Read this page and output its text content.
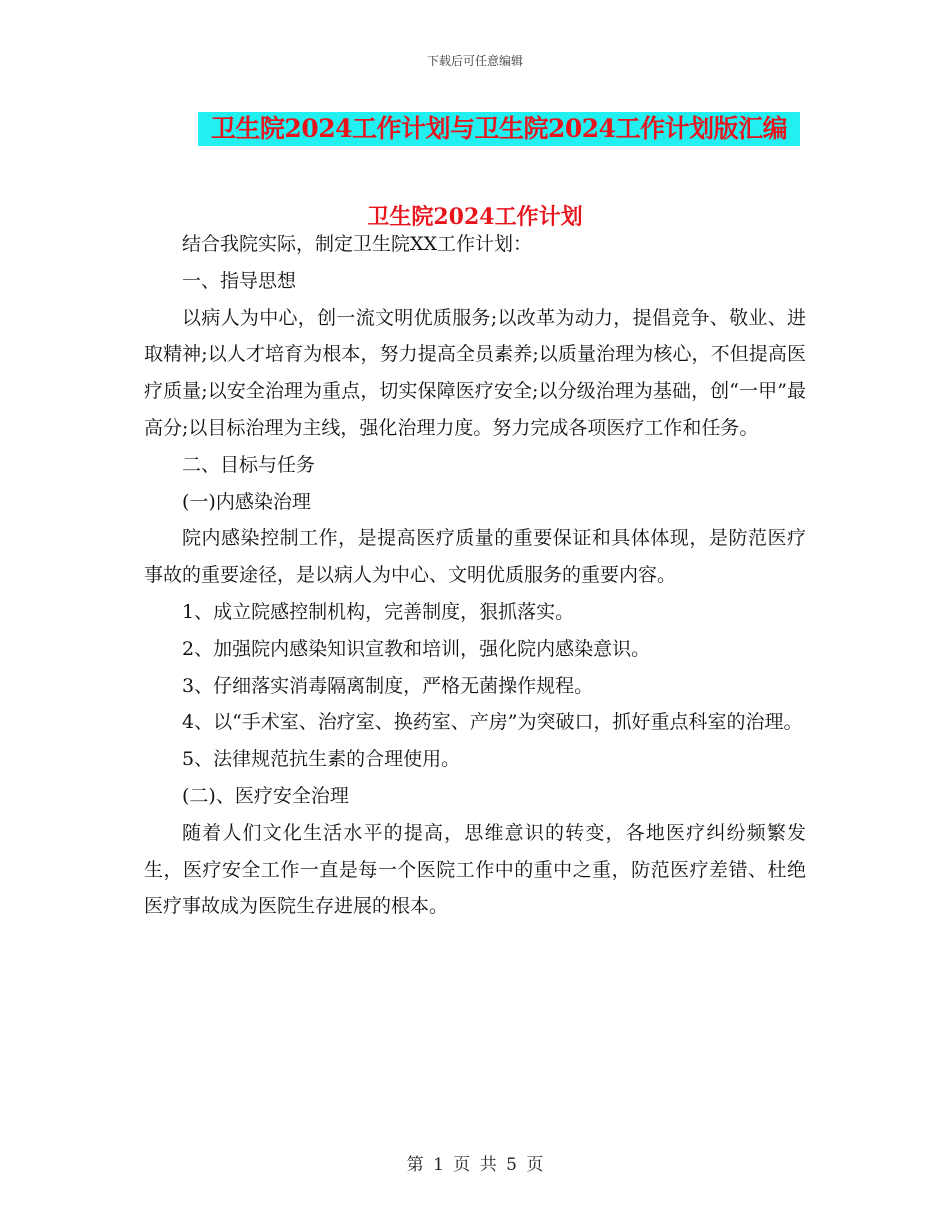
下载后可任意编辑
卫生院2024工作计划与卫生院2024工作计划版汇编
卫生院2024工作计划

结合我院实际，制定卫生院XX工作计划：

一、指导思想

以病人为中心，创一流文明优质服务;以改革为动力，提倡竞争、敬业、进取精神;以人才培育为根本，努力提高全员素养;以质量治理为核心，不但提高医疗质量;以安全治理为重点，切实保障医疗安全;以分级治理为基础，创“一甲”最高分;以目标治理为主线，强化治理力度。努力完成各项医疗工作和任务。

二、目标与任务

(一)内感染治理

院内感染控制工作，是提高医疗质量的重要保证和具体体现，是防范医疗事故的重要途径，是以病人为中心、文明优质服务的重要内容。

1、成立院感控制机构，完善制度，狠抓落实。

2、加强院内感染知识宣教和培训，强化院内感染意识。

3、仔细落实消毒隔离制度，严格无菌操作规程。

4、以“手术室、治疗室、换药室、产房”为突破口，抓好重点科室的治理。

5、法律规范抗生素的合理使用。

(二)、医疗安全治理

随着人们文化生活水平的提高，思维意识的转变，各地医疗纠纷频繁发生，医疗安全工作一直是每一个医院工作中的重中之重，防范医疗差错、杜绝医疗事故成为医院生存进展的根本。

第 1 页 共 5 页
